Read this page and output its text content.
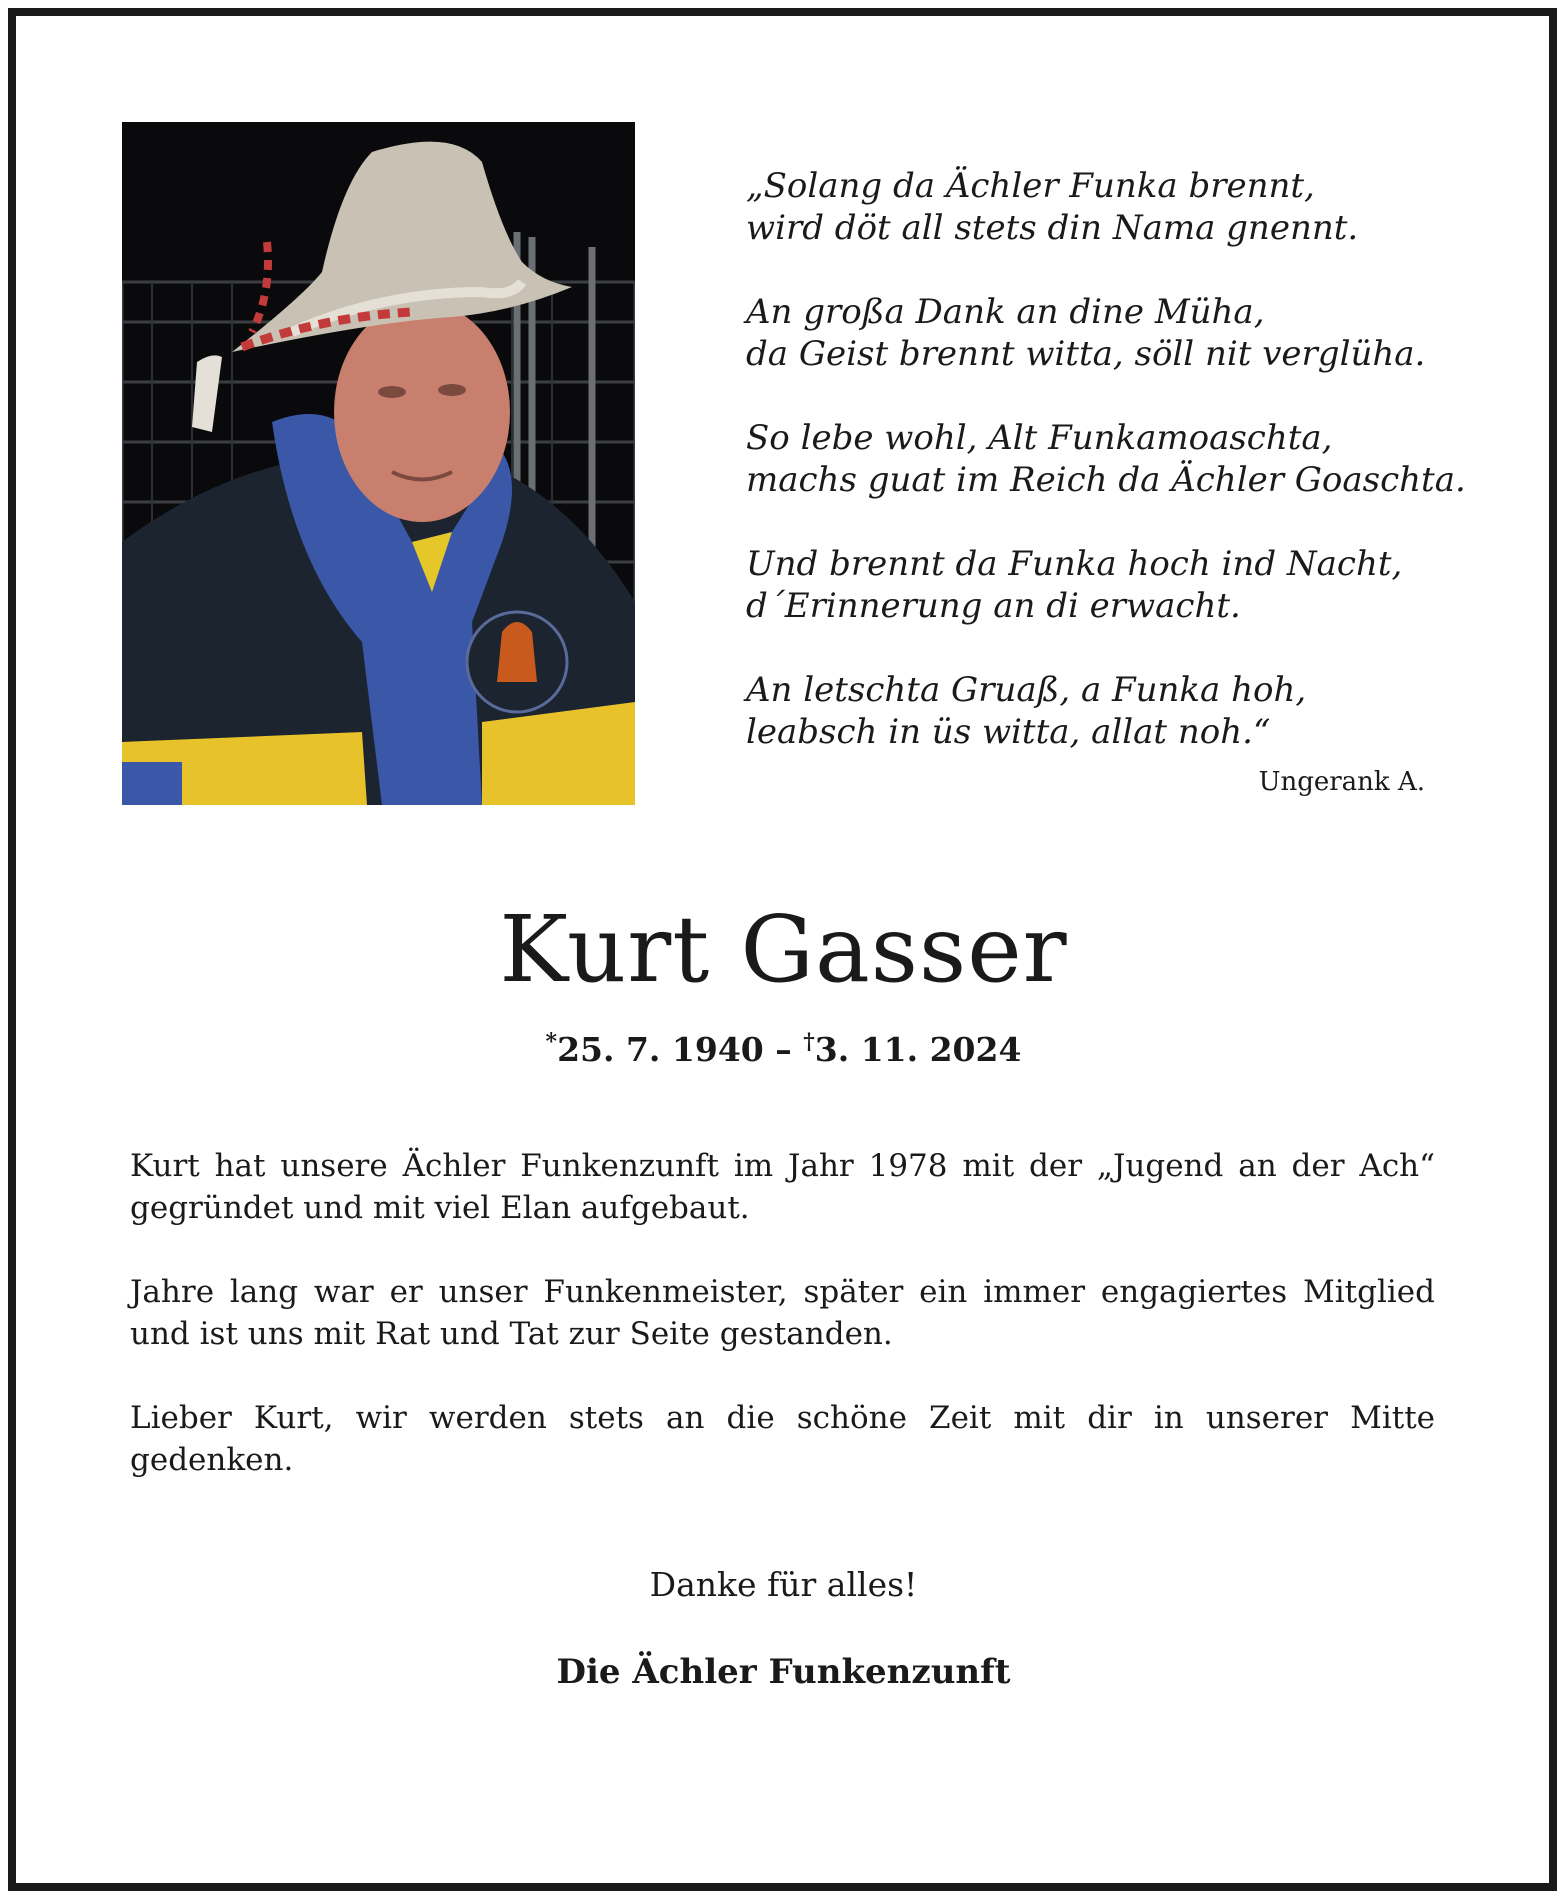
„Solang da Ächler Funka brennt,
wird döt all stets din Nama gnennt.
An großa Dank an dine Müha,
da Geist brennt witta, söll nit verglüha.
So lebe wohl, Alt Funkamoaschta,
machs guat im Reich da Ächler Goaschta.
Und brennt da Funka hoch ind Nacht,
d´Erinnerung an di erwacht.
An letschta Gruaß, a Funka hoh,
leabsch in üs witta, allat noh.“
Ungerank A.
Kurt Gasser
*25. 7. 1940 – †3. 11. 2024

Kurt hat unsere Ächler Funkenzunft im Jahr 1978 mit der „Jugend an der Ach“ gegründet und mit viel Elan aufgebaut.

Jahre lang war er unser Funkenmeister, später ein immer engagiertes Mitglied und ist uns mit Rat und Tat zur Seite gestanden.

Lieber Kurt, wir werden stets an die schöne Zeit mit dir in unserer Mitte gedenken.

Danke für alles!
Die Ächler Funkenzunft
